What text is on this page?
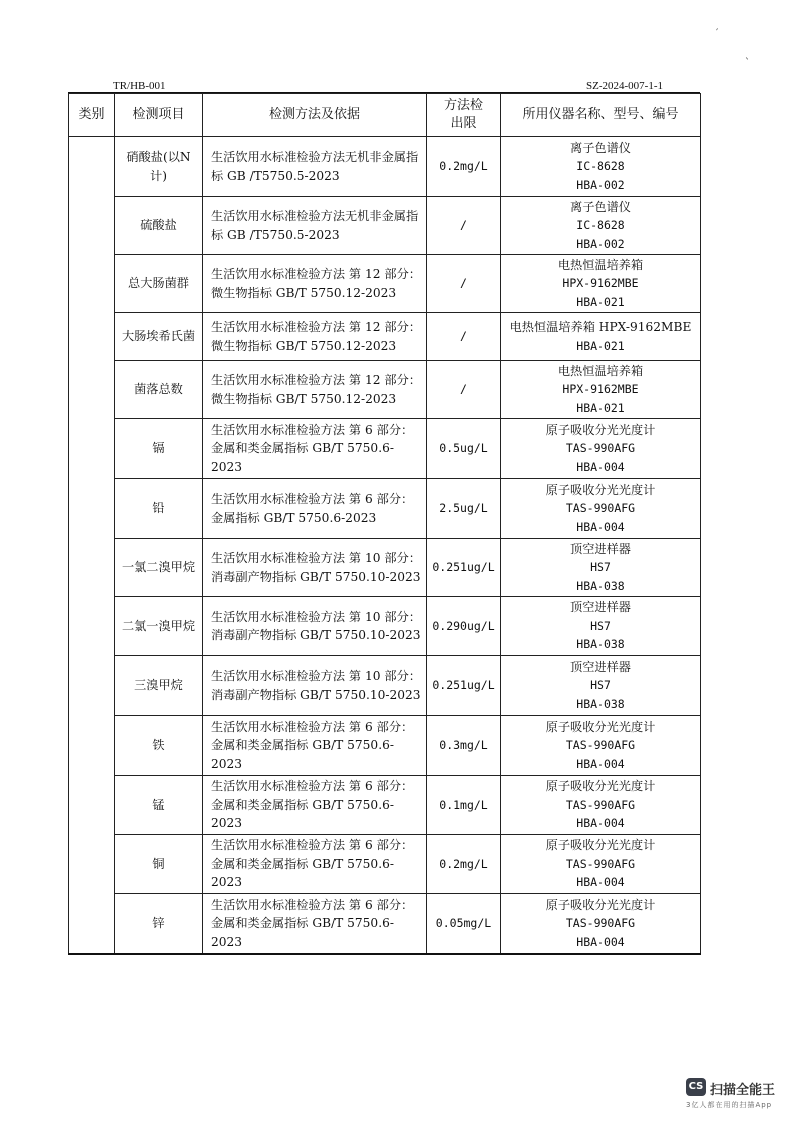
′
`
TR/HB-001	SZ-2024-007-1-1
类别	检测项目	检测方法及依据	方法检出限	所用仪器名称、型号、编号
	硝酸盐(以N计)	生活饮用水标准检验方法无机非金属指标 GB /T5750.5-2023	0.2mg/L	离子色谱仪
IC-8628
HBA-002

	硫酸盐	生活饮用水标准检验方法无机非金属指标 GB /T5750.5-2023	/	离子色谱仪
IC-8628
HBA-002

	总大肠菌群	生活饮用水标准检验方法 第 12 部分：微生物指标 GB/T 5750.12-2023	/	电热恒温培养箱
HPX-9162MBE
HBA-021

	大肠埃希氏菌	生活饮用水标准检验方法 第 12 部分：微生物指标 GB/T 5750.12-2023	/	电热恒温培养箱 HPX-9162MBE
HBA-021

	菌落总数	生活饮用水标准检验方法 第 12 部分：微生物指标 GB/T 5750.12-2023	/	电热恒温培养箱
HPX-9162MBE
HBA-021

	镉	生活饮用水标准检验方法 第 6 部分：金属和类金属指标 GB/T 5750.6-2023	0.5ug/L	原子吸收分光光度计
TAS-990AFG
HBA-004

	铅	生活饮用水标准检验方法 第 6 部分：金属指标 GB/T 5750.6-2023	2.5ug/L	原子吸收分光光度计
TAS-990AFG
HBA-004

	一氯二溴甲烷	生活饮用水标准检验方法 第 10 部分：消毒副产物指标 GB/T 5750.10-2023	0.251ug/L	顶空进样器
HS7
HBA-038

	二氯一溴甲烷	生活饮用水标准检验方法 第 10 部分：消毒副产物指标 GB/T 5750.10-2023	0.290ug/L	顶空进样器
HS7
HBA-038

	三溴甲烷	生活饮用水标准检验方法 第 10 部分：消毒副产物指标 GB/T 5750.10-2023	0.251ug/L	顶空进样器
HS7
HBA-038

	铁	生活饮用水标准检验方法 第 6 部分：金属和类金属指标 GB/T 5750.6-2023	0.3mg/L	原子吸收分光光度计
TAS-990AFG
HBA-004

	锰	生活饮用水标准检验方法 第 6 部分：金属和类金属指标 GB/T 5750.6-2023	0.1mg/L	原子吸收分光光度计
TAS-990AFG
HBA-004

	铜	生活饮用水标准检验方法 第 6 部分：金属和类金属指标 GB/T 5750.6-2023	0.2mg/L	原子吸收分光光度计
TAS-990AFG
HBA-004

	锌	生活饮用水标准检验方法 第 6 部分：金属和类金属指标 GB/T 5750.6-2023	0.05mg/L	原子吸收分光光度计
TAS-990AFG
HBA-004
CS 扫描全能王
3亿人都在用的扫描App
